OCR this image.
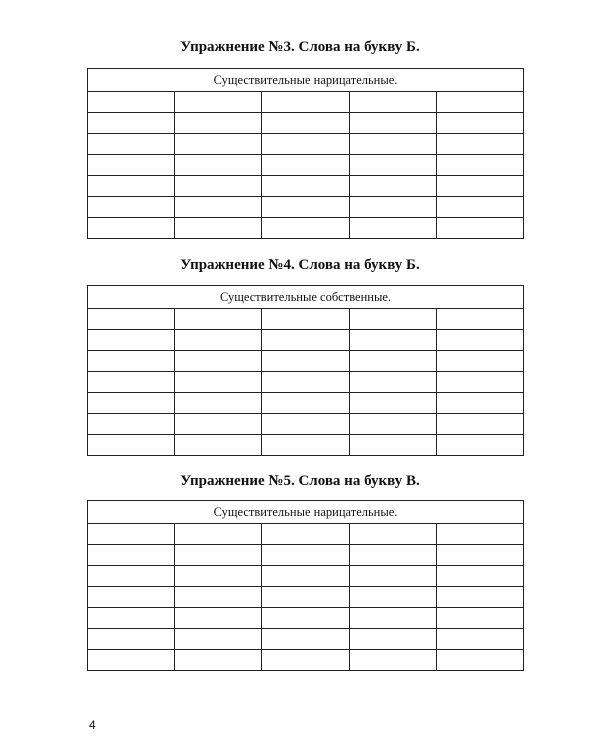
Упражнение №3. Слова на букву Б.
Существительные нарицательные.				

Упражнение №4. Слова на букву Б.
Существительные собственные.				

Упражнение №5. Слова на букву В.
Существительные нарицательные.				

4
